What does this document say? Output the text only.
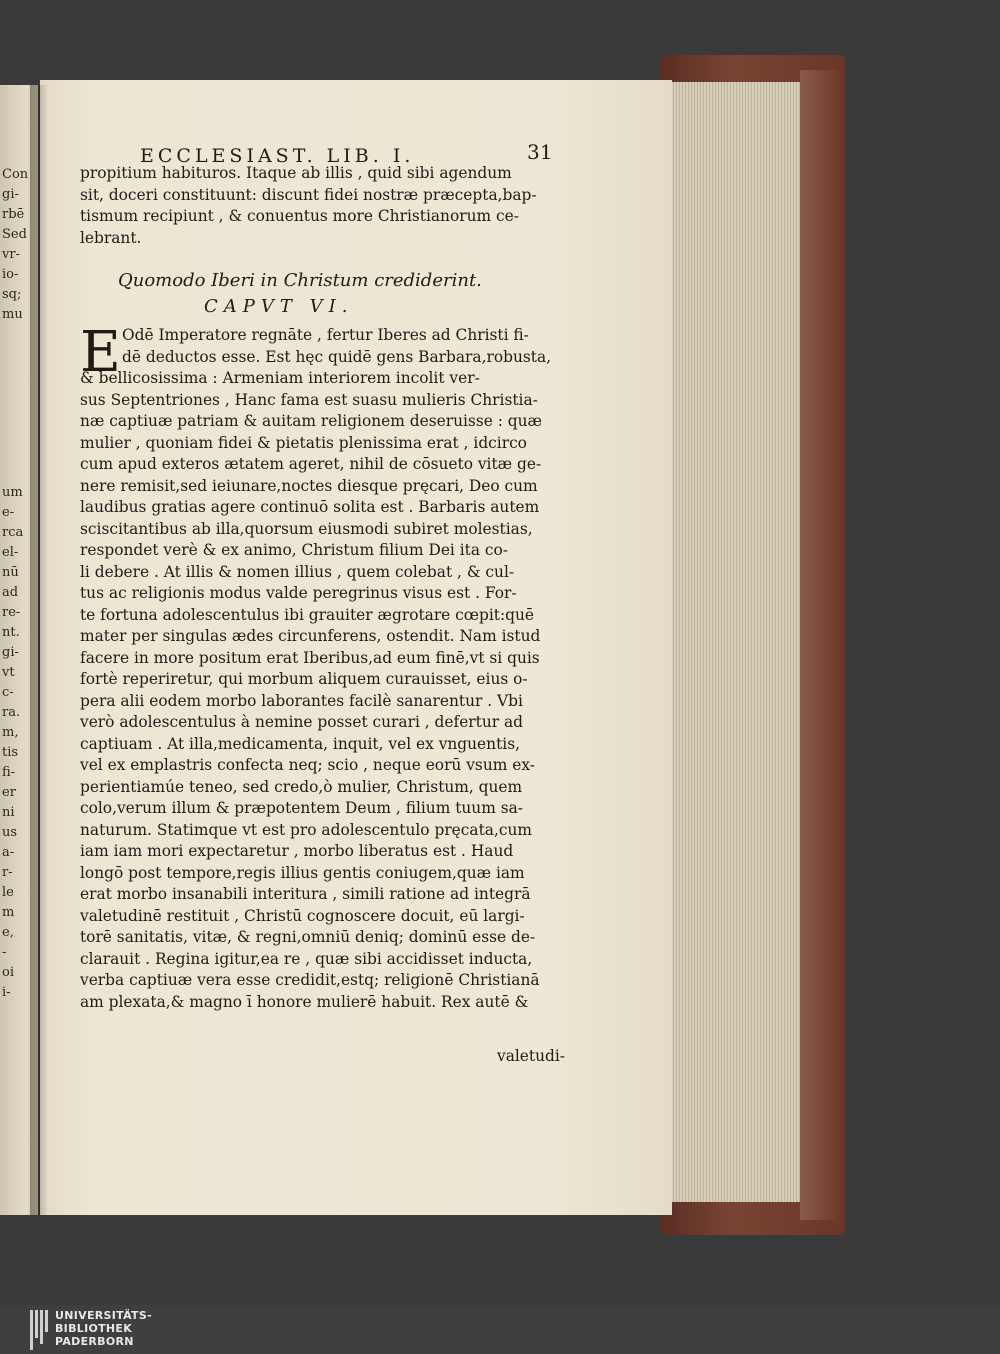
Con
gi-
rbē
Sed
vr-
io-
sq;
mu
um
e-
rca
el-
nū
ad
re-
nt.
gi-
vt
c-
ra.
m,
tis
fi-
er
ni
us
a-
r-
le
m
e,
-
oi
i-
ECCLESIAST. LIB. I.	31
propitium habituros. Itaque ab illis , quid sibi agendum
sit, doceri constituunt: discunt fidei nostræ præcepta,bap-
tismum recipiunt , & conuentus more Christianorum ce-
lebrant.
Quomodo Iberi in Christum crediderint.
CAPVT VI.
E Odē Imperatore regnāte , fertur Iberes ad Christi fi-
dē deductos esse. Est hęc quidē gens Barbara,robusta,
& bellicosissima : Armeniam interiorem incolit ver-
sus Septentriones , Hanc fama est suasu mulieris Christia-
næ captiuæ patriam & auitam religionem deseruisse : quæ
mulier , quoniam fidei & pietatis plenissima erat , idcirco
cum apud exteros ætatem ageret, nihil de cōsueto vitæ ge-
nere remisit,sed ieiunare,noctes diesque pręcari, Deo cum
laudibus gratias agere continuō solita est . Barbaris autem
sciscitantibus ab illa,quorsum eiusmodi subiret molestias,
respondet verè & ex animo, Christum filium Dei ita co-
li debere . At illis & nomen illius , quem colebat , & cul-
tus ac religionis modus valde peregrinus visus est . For-
te fortuna adolescentulus ibi grauiter ægrotare cœpit:quē
mater per singulas ædes circunferens, ostendit. Nam istud
facere in more positum erat Iberibus,ad eum finē,vt si quis
fortè reperiretur, qui morbum aliquem curauisset, eius o-
pera alii eodem morbo laborantes facilè sanarentur . Vbi
verò adolescentulus à nemine posset curari , defertur ad
captiuam . At illa,medicamenta, inquit, vel ex vnguentis,
vel ex emplastris confecta neq; scio , neque eorū vsum ex-
perientiamúe teneo, sed credo,ò mulier, Christum, quem
colo,verum illum & præpotentem Deum , filium tuum sa-
naturum. Statimque vt est pro adolescentulo pręcata,cum
iam iam mori expectaretur , morbo liberatus est . Haud
longō post tempore,regis illius gentis coniugem,quæ iam
erat morbo insanabili interitura , simili ratione ad integrā
valetudinē restituit , Christū cognoscere docuit, eū largi-
torē sanitatis, vitæ, & regni,omniū deniq; dominū esse de-
clarauit . Regina igitur,ea re , quæ sibi accidisset inducta,
verba captiuæ vera esse credidit,estq; religionē Christianā
am plexata,& magno ī honore mulierē habuit. Rex autē &
valetudi-
UNIVERSITÄTS-
BIBLIOTHEK
PADERBORN
